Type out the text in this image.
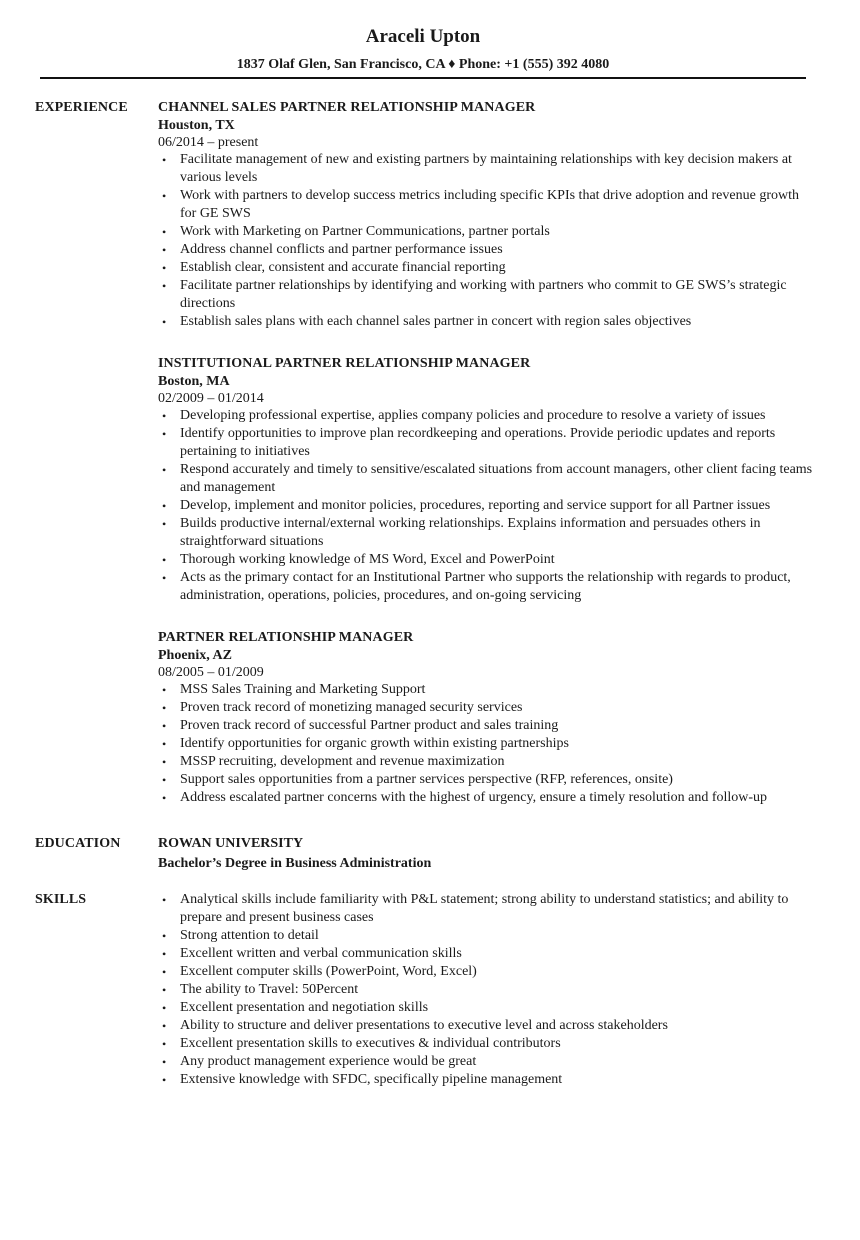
Araceli Upton
1837 Olaf Glen, San Francisco, CA ♦ Phone: +1 (555) 392 4080
EXPERIENCE CHANNEL SALES PARTNER RELATIONSHIP MANAGER
Houston, TX
06/2014 – present
• Facilitate management of new and existing partners by maintaining relationships with key decision makers at various levels
• Work with partners to develop success metrics including specific KPIs that drive adoption and revenue growth for GE SWS
• Work with Marketing on Partner Communications, partner portals
• Address channel conflicts and partner performance issues
• Establish clear, consistent and accurate financial reporting
• Facilitate partner relationships by identifying and working with partners who commit to GE SWS’s strategic directions
• Establish sales plans with each channel sales partner in concert with region sales objectives
INSTITUTIONAL PARTNER RELATIONSHIP MANAGER
Boston, MA
02/2009 – 01/2014
• Developing professional expertise, applies company policies and procedure to resolve a variety of issues
• Identify opportunities to improve plan recordkeeping and operations. Provide periodic updates and reports pertaining to initiatives
• Respond accurately and timely to sensitive/escalated situations from account managers, other client facing teams and management
• Develop, implement and monitor policies, procedures, reporting and service support for all Partner issues
• Builds productive internal/external working relationships. Explains information and persuades others in straightforward situations
• Thorough working knowledge of MS Word, Excel and PowerPoint
• Acts as the primary contact for an Institutional Partner who supports the relationship with regards to product, administration, operations, policies, procedures, and on-going servicing
PARTNER RELATIONSHIP MANAGER
Phoenix, AZ
08/2005 – 01/2009
• MSS Sales Training and Marketing Support
• Proven track record of monetizing managed security services
• Proven track record of successful Partner product and sales training
• Identify opportunities for organic growth within existing partnerships
• MSSP recruiting, development and revenue maximization
• Support sales opportunities from a partner services perspective (RFP, references, onsite)
• Address escalated partner concerns with the highest of urgency, ensure a timely resolution and follow-up
EDUCATION	ROWAN UNIVERSITY
Bachelor’s Degree in Business Administration
SKILLS	• Analytical skills include familiarity with P&L statement; strong ability to understand statistics; and ability to prepare and present business cases
• Strong attention to detail
• Excellent written and verbal communication skills
• Excellent computer skills (PowerPoint, Word, Excel)
• The ability to Travel: 50Percent
• Excellent presentation and negotiation skills
• Ability to structure and deliver presentations to executive level and across stakeholders
• Excellent presentation skills to executives & individual contributors
• Any product management experience would be great
• Extensive knowledge with SFDC, specifically pipeline management
